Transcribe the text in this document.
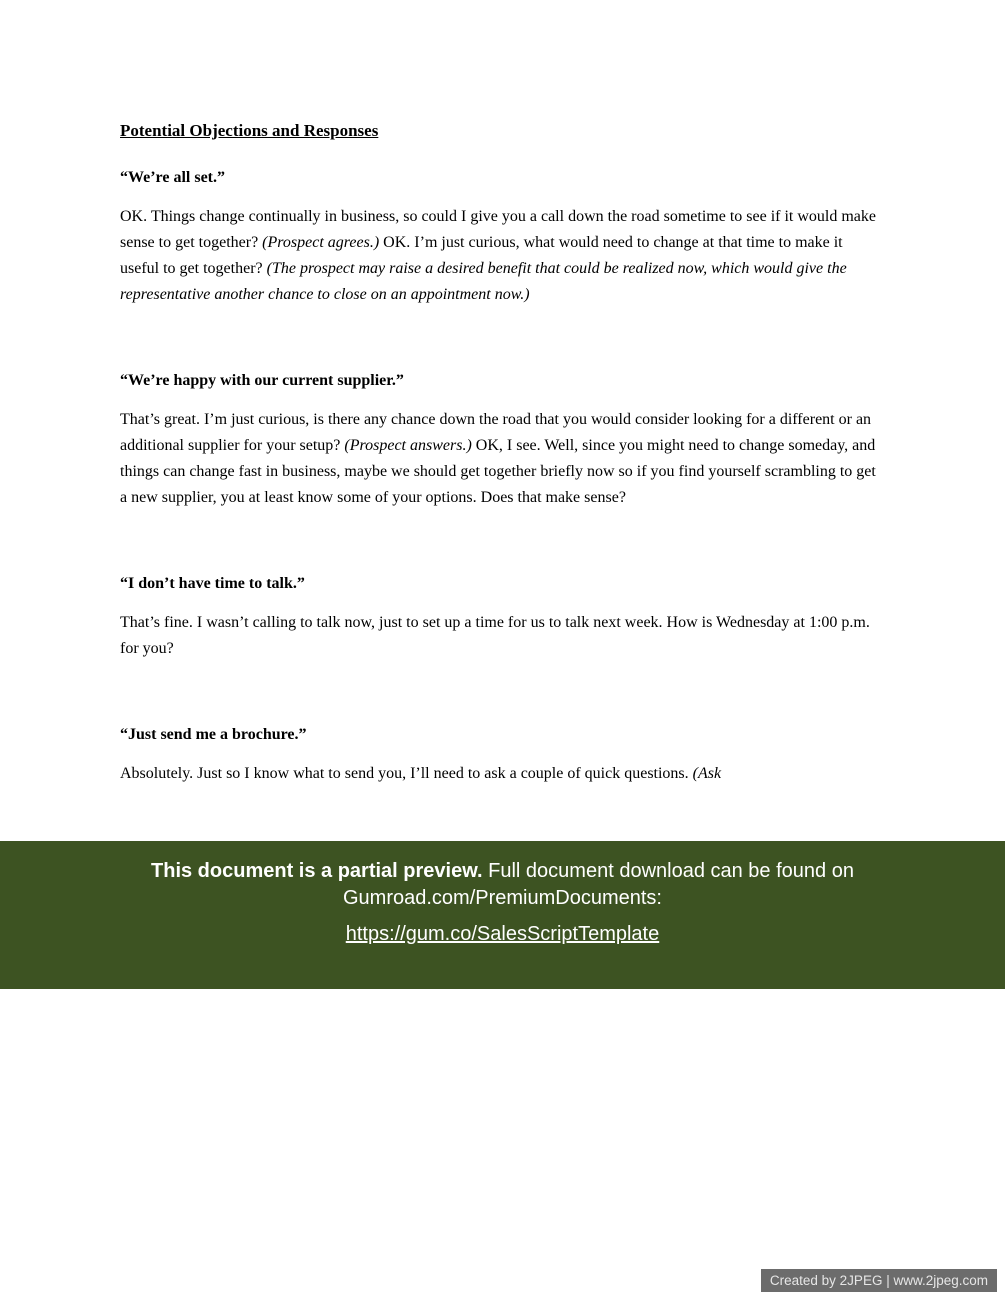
Potential Objections and Responses
“We’re all set.”

OK. Things change continually in business, so could I give you a call down the road sometime to see if it would make sense to get together? (Prospect agrees.) OK. I’m just curious, what would need to change at that time to make it useful to get together? (The prospect may raise a desired benefit that could be realized now, which would give the representative another chance to close on an appointment now.)

“We’re happy with our current supplier.”

That’s great. I’m just curious, is there any chance down the road that you would consider looking for a different or an additional supplier for your setup? (Prospect answers.) OK, I see. Well, since you might need to change someday, and things can change fast in business, maybe we should get together briefly now so if you find yourself scrambling to get a new supplier, you at least know some of your options. Does that make sense?

“I don’t have time to talk.”

That’s fine. I wasn’t calling to talk now, just to set up a time for us to talk next week. How is Wednesday at 1:00 p.m. for you?

“Just send me a brochure.”

Absolutely. Just so I know what to send you, I’ll need to ask a couple of quick questions. (Ask

This document is a partial preview. Full document download can be found on

Gumroad.com/PremiumDocuments:

https://gum.co/SalesScriptTemplate
Created by 2JPEG | www.2jpeg.com
